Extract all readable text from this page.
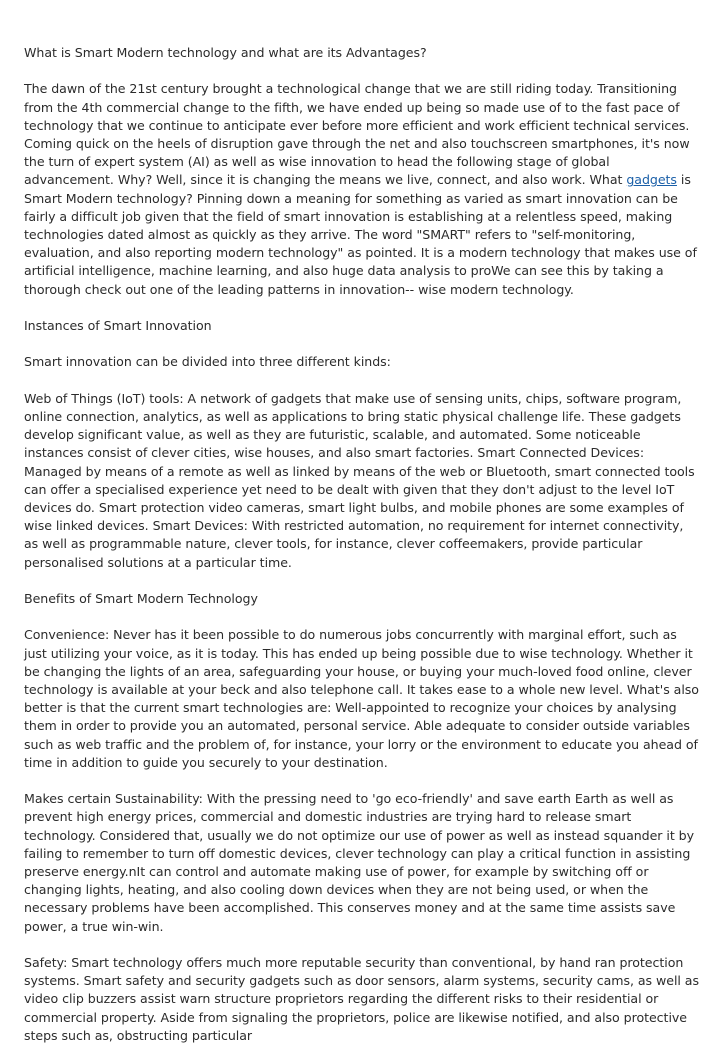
What is Smart Modern technology and what are its Advantages?

The dawn of the 21st century brought a technological change that we are still riding today. Transitioning from the 4th commercial change to the fifth, we have ended up being so made use of to the fast pace of technology that we continue to anticipate ever before more efficient and work efficient technical services. Coming quick on the heels of disruption gave through the net and also touchscreen smartphones, it's now the turn of expert system (AI) as well as wise innovation to head the following stage of global advancement. Why? Well, since it is changing the means we live, connect, and also work. What gadgets is Smart Modern technology? Pinning down a meaning for something as varied as smart innovation can be fairly a difficult job given that the field of smart innovation is establishing at a relentless speed, making technologies dated almost as quickly as they arrive. The word "SMART" refers to "self-monitoring, evaluation, and also reporting modern technology" as pointed. It is a modern technology that makes use of artificial intelligence, machine learning, and also huge data analysis to proWe can see this by taking a thorough check out one of the leading patterns in innovation-- wise modern technology.

Instances of Smart Innovation

Smart innovation can be divided into three different kinds:

Web of Things (IoT) tools: A network of gadgets that make use of sensing units, chips, software program, online connection, analytics, as well as applications to bring static physical challenge life. These gadgets develop significant value, as well as they are futuristic, scalable, and automated. Some noticeable instances consist of clever cities, wise houses, and also smart factories. Smart Connected Devices: Managed by means of a remote as well as linked by means of the web or Bluetooth, smart connected tools can offer a specialised experience yet need to be dealt with given that they don't adjust to the level IoT devices do. Smart protection video cameras, smart light bulbs, and mobile phones are some examples of wise linked devices. Smart Devices: With restricted automation, no requirement for internet connectivity, as well as programmable nature, clever tools, for instance, clever coffeemakers, provide particular personalised solutions at a particular time.

Benefits of Smart Modern Technology

Convenience: Never has it been possible to do numerous jobs concurrently with marginal effort, such as just utilizing your voice, as it is today. This has ended up being possible due to wise technology. Whether it be changing the lights of an area, safeguarding your house, or buying your much-loved food online, clever technology is available at your beck and also telephone call. It takes ease to a whole new level. What's also better is that the current smart technologies are: Well-appointed to recognize your choices by analysing them in order to provide you an automated, personal service. Able adequate to consider outside variables such as web traffic and the problem of, for instance, your lorry or the environment to educate you ahead of time in addition to guide you securely to your destination.

Makes certain Sustainability: With the pressing need to 'go eco-friendly' and save earth Earth as well as prevent high energy prices, commercial and domestic industries are trying hard to release smart technology. Considered that, usually we do not optimize our use of power as well as instead squander it by failing to remember to turn off domestic devices, clever technology can play a critical function in assisting preserve energy.nIt can control and automate making use of power, for example by switching off or changing lights, heating, and also cooling down devices when they are not being used, or when the necessary problems have been accomplished. This conserves money and at the same time assists save power, a true win-win.

Safety: Smart technology offers much more reputable security than conventional, by hand ran protection systems. Smart safety and security gadgets such as door sensors, alarm systems, security cams, as well as video clip buzzers assist warn structure proprietors regarding the different risks to their residential or commercial property. Aside from signaling the proprietors, police are likewise notified, and also protective steps such as, obstructing particular
